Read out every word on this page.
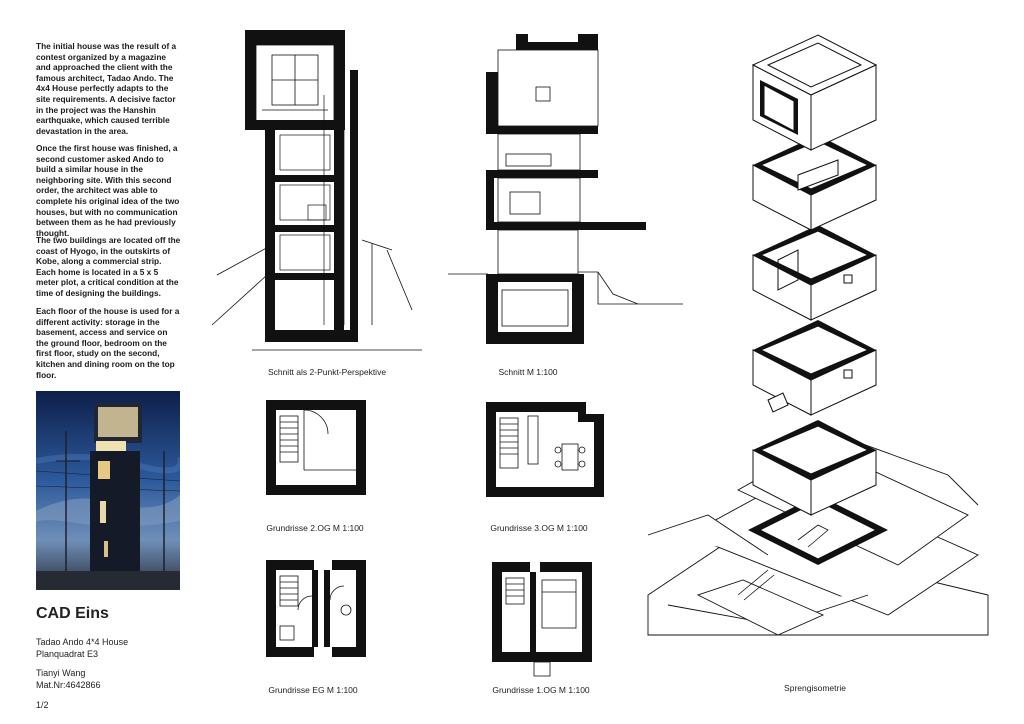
The initial house was the result of a contest organized by a magazine and approached the client with the famous architect, Tadao Ando. The 4x4 House perfectly adapts to the site requirements. A decisive factor in the project was the Hanshin earthquake, which caused terrible devastation in the area.
Once the first house was finished, a second customer asked Ando to build a similar house in the neighboring site. With this second order, the architect was able to complete his original idea of the two houses, but with no communication between them as he had previously thought.
The two buildings are located off the coast of Hyogo, in the outskirts of Kobe, along a commercial strip. Each home is located in a 5 x 5 meter plot, a critical condition at the time of designing the buildings.
Each floor of the house is used for a different activity: storage in the basement, access and service on the ground floor, bedroom on the first floor, study on the second, kitchen and dining room on the top floor.
CAD Eins
Tadao Ando 4*4 House
Planquadrat E3
Tianyi Wang
Mat.Nr:4642866
1/2
Schnitt als 2-Punkt-Perspektive	Schnitt M 1:100
Grundrisse 2.OG M 1:100	Grundrisse 3.OG M 1:100
Grundrisse EG M 1:100	Grundrisse 1.OG M 1:100	Sprengisometrie
